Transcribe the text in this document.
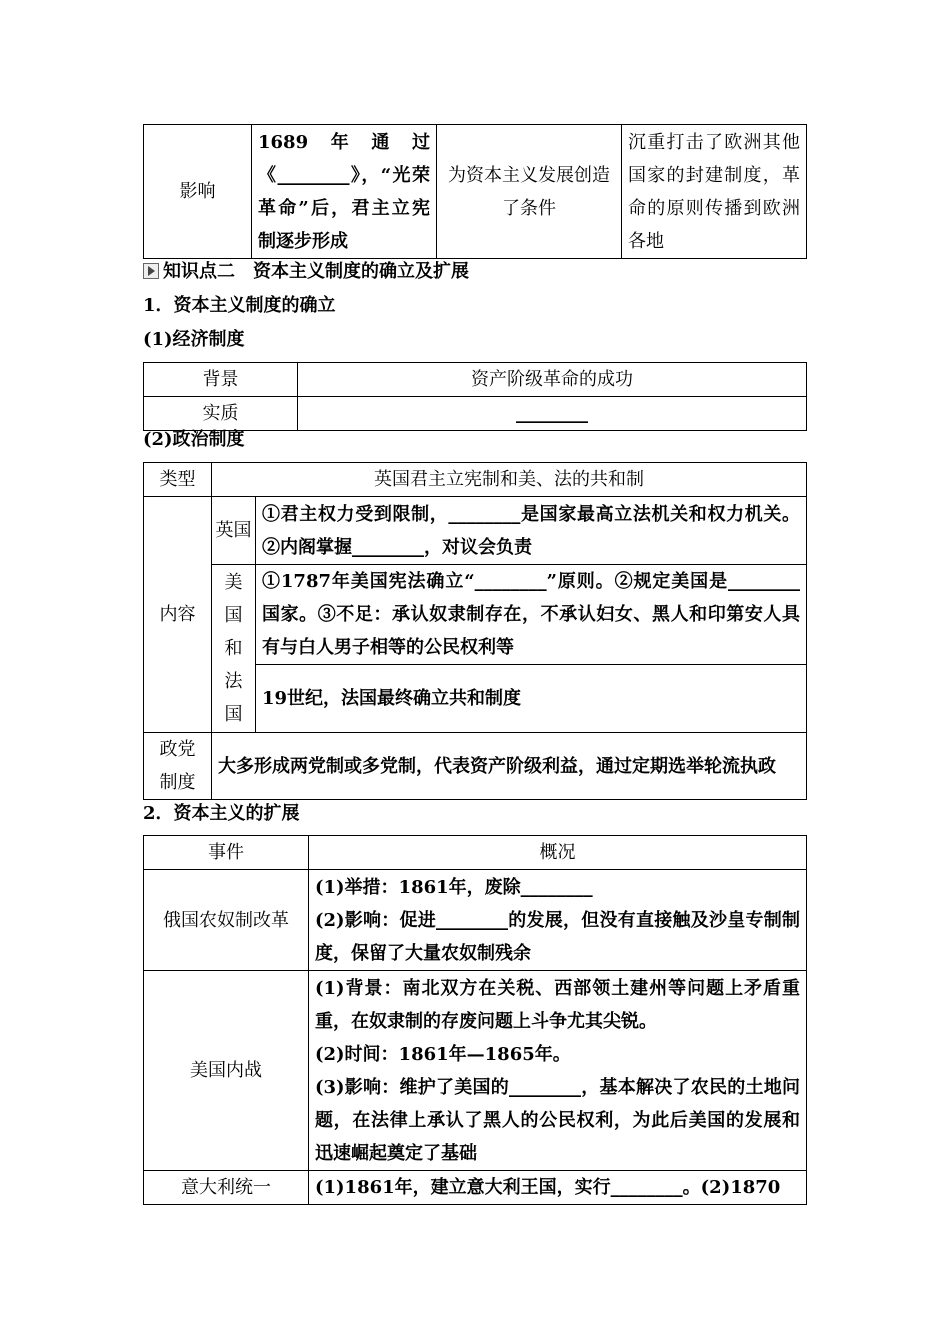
影响	1689年通过《________》，“光荣革命”后，君主立宪制逐步形成	为资本主义发展创造了条件	沉重打击了欧洲其他国家的封建制度，革命的原则传播到欧洲各地
知识点二　资本主义制度的确立及扩展
1．资本主义制度的确立
(1)经济制度
背景	资产阶级革命的成功
实质	________
(2)政治制度
类型	英国君主立宪制和美、法的共和制	
内容	英国	①君主权力受到限制，________是国家最高立法机关和权力机关。②内阁掌握________，对议会负责
	美国和法国	①1787年美国宪法确立“________”原则。②规定美国是________国家。③不足：承认奴隶制存在，不承认妇女、黑人和印第安人具有与白人男子相等的公民权利等
		19世纪，法国最终确立共和制度
政党制度	大多形成两党制或多党制，代表资产阶级利益，通过定期选举轮流执政	
2．资本主义的扩展
事件	概况
俄国农奴制改革	(1)举措：1861年，废除________
(2)影响：促进________的发展，但没有直接触及沙皇专制制度，保留了大量农奴制残余

美国内战	(1)背景：南北双方在关税、西部领土建州等问题上矛盾重重，在奴隶制的存废问题上斗争尤其尖锐。
(2)时间：1861年—1865年。
(3)影响：维护了美国的________，基本解决了农民的土地问题，在法律上承认了黑人的公民权利，为此后美国的发展和迅速崛起奠定了基础

意大利统一	(1)1861年，建立意大利王国，实行________。(2)1870
